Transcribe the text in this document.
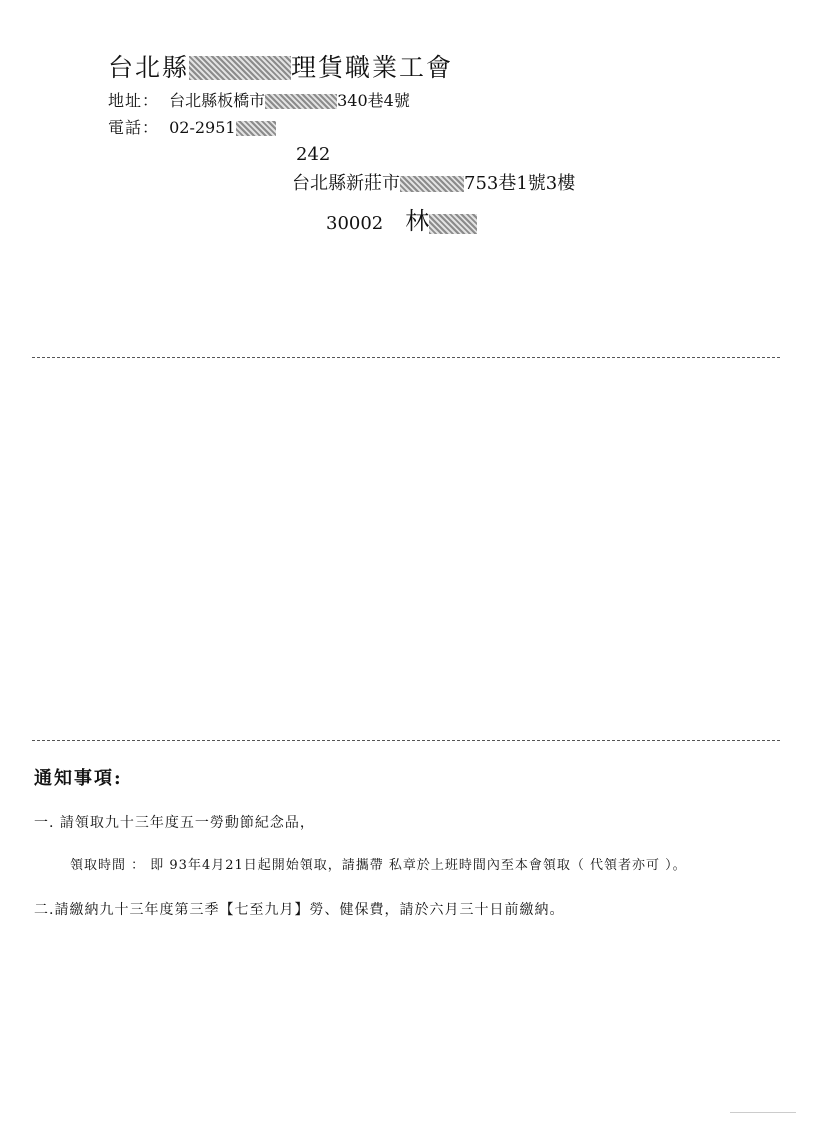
台北縣	理貨職業工會
地址： 台北縣板橋市	340巷4號
電話： 02-2951
242
台北縣新莊市	753巷1號3樓
30002 林
通知事項:
一. 請領取九十三年度五一勞動節紀念品，
領取時間 ： 即 93年4月21日起開始領取，請攜帶 私章於上班時間內至本會領取（ 代領者亦可 ）。
二.請繳納九十三年度第三季【七至九月】勞、健保費，請於六月三十日前繳納。
